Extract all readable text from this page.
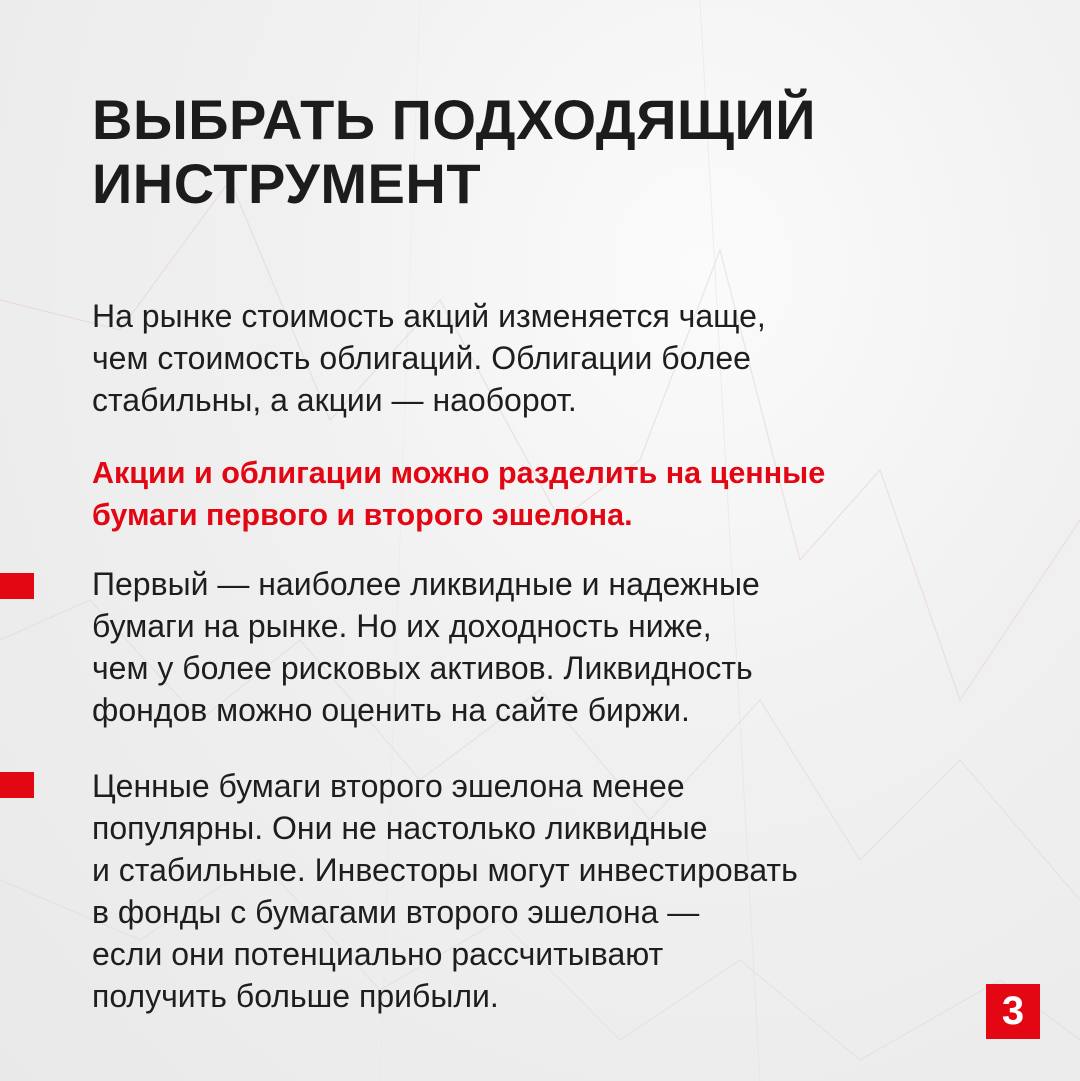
ВЫБРАТЬ ПОДХОДЯЩИЙ
ИНСТРУМЕНТ

На рынке стоимость акций изменяется чаще,
чем стоимость облигаций. Облигации более
стабильны, а акции — наоборот.

Акции и облигации можно разделить на ценные
бумаги первого и второго эшелона.

Первый — наиболее ликвидные и надежные
бумаги на рынке. Но их доходность ниже,
чем у более рисковых активов. Ликвидность
фондов можно оценить на сайте биржи.

Ценные бумаги второго эшелона менее
популярны. Они не настолько ликвидные
и стабильные. Инвесторы могут инвестировать
в фонды с бумагами второго эшелона —
если они потенциально рассчитывают
получить больше прибыли.	3
